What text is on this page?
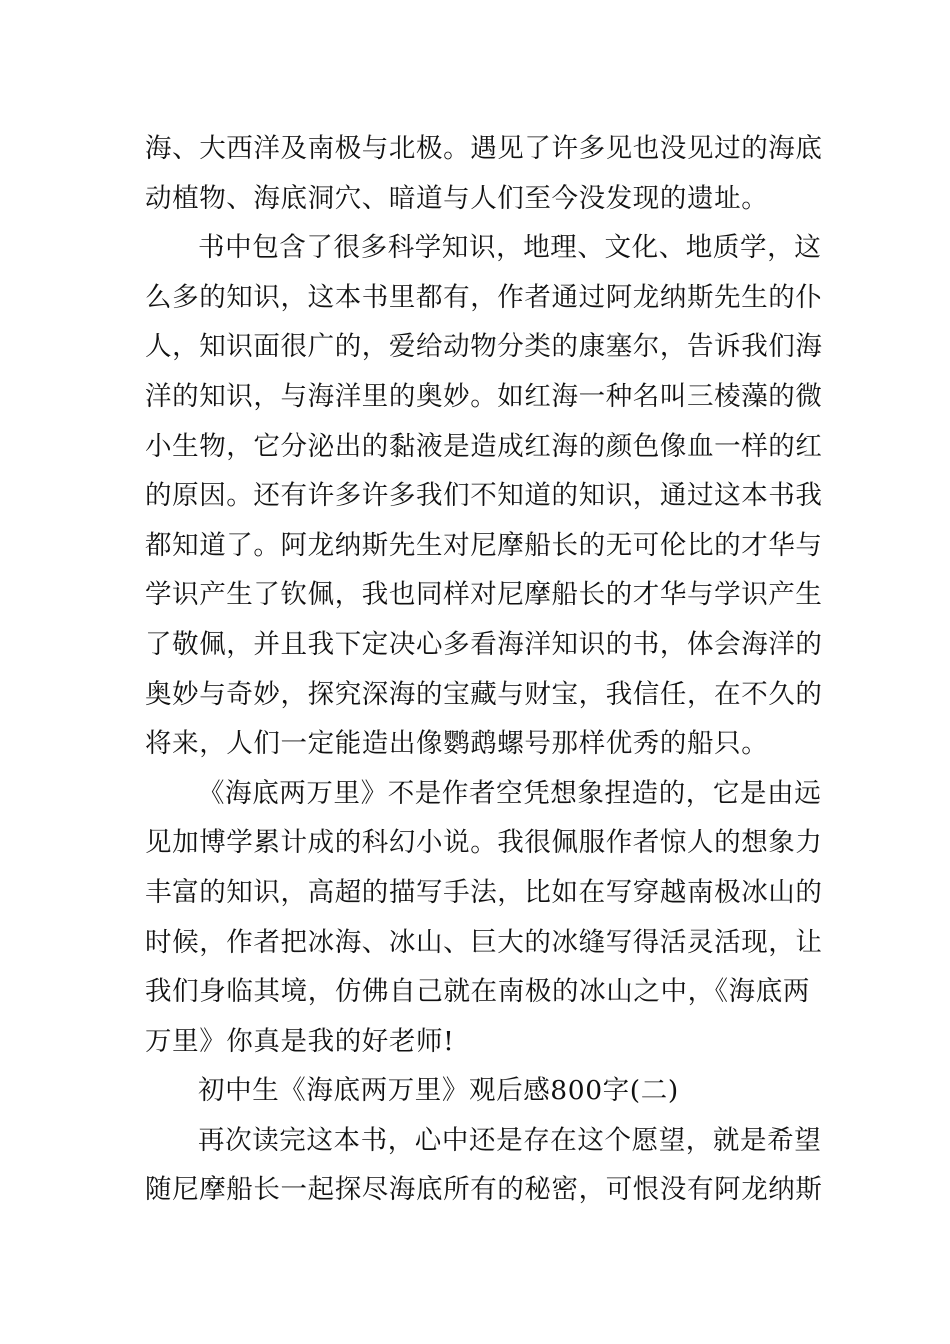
海、大西洋及南极与北极。遇见了许多见也没见过的海底
动植物、海底洞穴、暗道与人们至今没发现的遗址。
书中包含了很多科学知识，地理、文化、地质学，这
么多的知识，这本书里都有，作者通过阿龙纳斯先生的仆
人，知识面很广的，爱给动物分类的康塞尔，告诉我们海
洋的知识，与海洋里的奥妙。如红海一种名叫三棱藻的微
小生物，它分泌出的黏液是造成红海的颜色像血一样的红
的原因。还有许多许多我们不知道的知识，通过这本书我
都知道了。阿龙纳斯先生对尼摩船长的无可伦比的才华与
学识产生了钦佩，我也同样对尼摩船长的才华与学识产生
了敬佩，并且我下定决心多看海洋知识的书，体会海洋的
奥妙与奇妙，探究深海的宝藏与财宝，我信任，在不久的
将来，人们一定能造出像鹦鹉螺号那样优秀的船只。
《海底两万里》不是作者空凭想象捏造的，它是由远
见加博学累计成的科幻小说。我很佩服作者惊人的想象力
丰富的知识，高超的描写手法，比如在写穿越南极冰山的
时候，作者把冰海、冰山、巨大的冰缝写得活灵活现，让
我们身临其境，仿佛自己就在南极的冰山之中，《海底两
万里》你真是我的好老师!
初中生《海底两万里》观后感800字(二)
再次读完这本书，心中还是存在这个愿望，就是希望
随尼摩船长一起探尽海底所有的秘密，可恨没有阿龙纳斯
